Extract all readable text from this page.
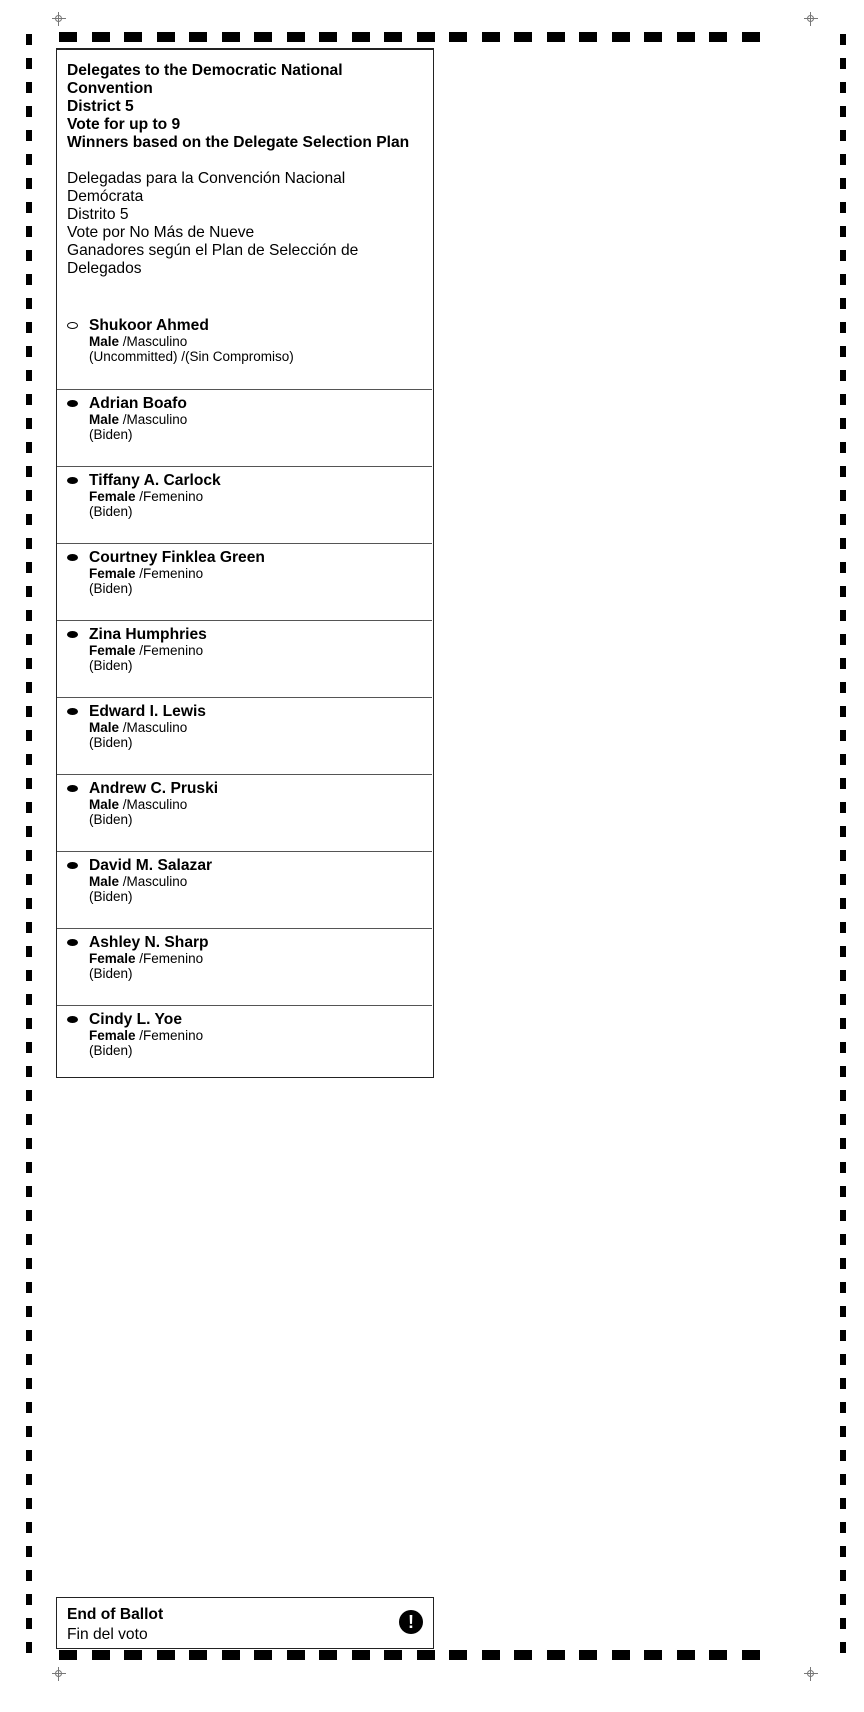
Delegates to the Democratic National Convention
District 5
Vote for up to 9
Winners based on the Delegate Selection Plan
Delegadas para la Convención Nacional Demócrata
Distrito 5
Vote por No Más de Nueve
Ganadores según el Plan de Selección de Delegados
Shukoor Ahmed
Male /Masculino
(Uncommitted) /(Sin Compromiso)
Adrian Boafo
Male /Masculino
(Biden)
Tiffany A. Carlock
Female /Femenino
(Biden)
Courtney Finklea Green
Female /Femenino
(Biden)
Zina Humphries
Female /Femenino
(Biden)
Edward I. Lewis
Male /Masculino
(Biden)
Andrew C. Pruski
Male /Masculino
(Biden)
David M. Salazar
Male /Masculino
(Biden)
Ashley N. Sharp
Female /Femenino
(Biden)
Cindy L. Yoe
Female /Femenino
(Biden)
End of Ballot
Fin del voto
!
